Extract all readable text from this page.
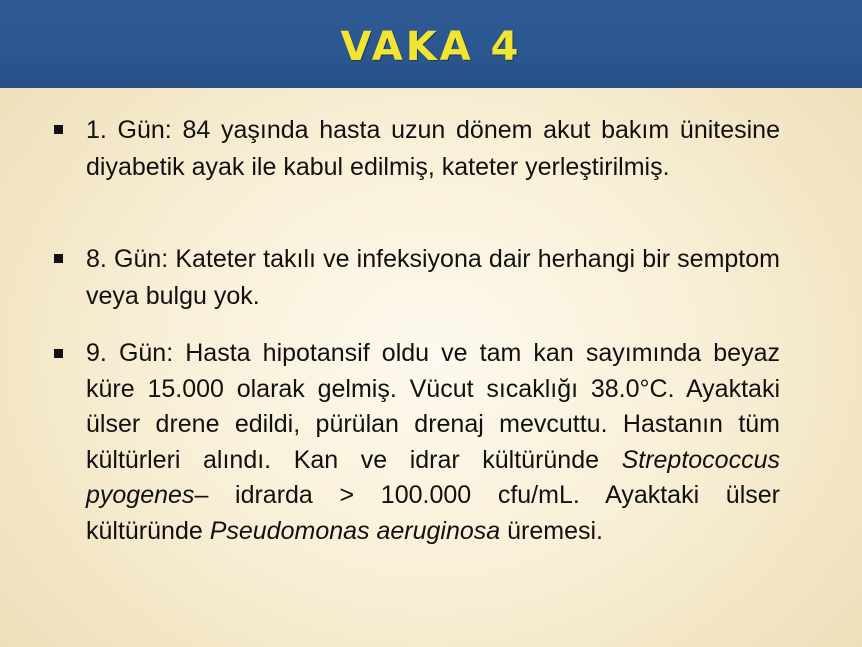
VAKA 4
1. Gün: 84 yaşında hasta uzun dönem akut bakım ünitesine diyabetik ayak ile kabul edilmiş, kateter yerleştirilmiş.
8. Gün: Kateter takılı ve infeksiyona dair herhangi bir semptom veya bulgu yok.
9. Gün: Hasta hipotansif oldu ve tam kan sayımında beyaz küre 15.000 olarak gelmiş. Vücut sıcaklığı 38.0°C. Ayaktaki ülser drene edildi, pürülan drenaj mevcuttu. Hastanın tüm kültürleri alındı. Kan ve idrar kültüründe Streptococcus pyogenes– idrarda > 100.000 cfu/mL. Ayaktaki ülser kültüründe Pseudomonas aeruginosa üremesi.
